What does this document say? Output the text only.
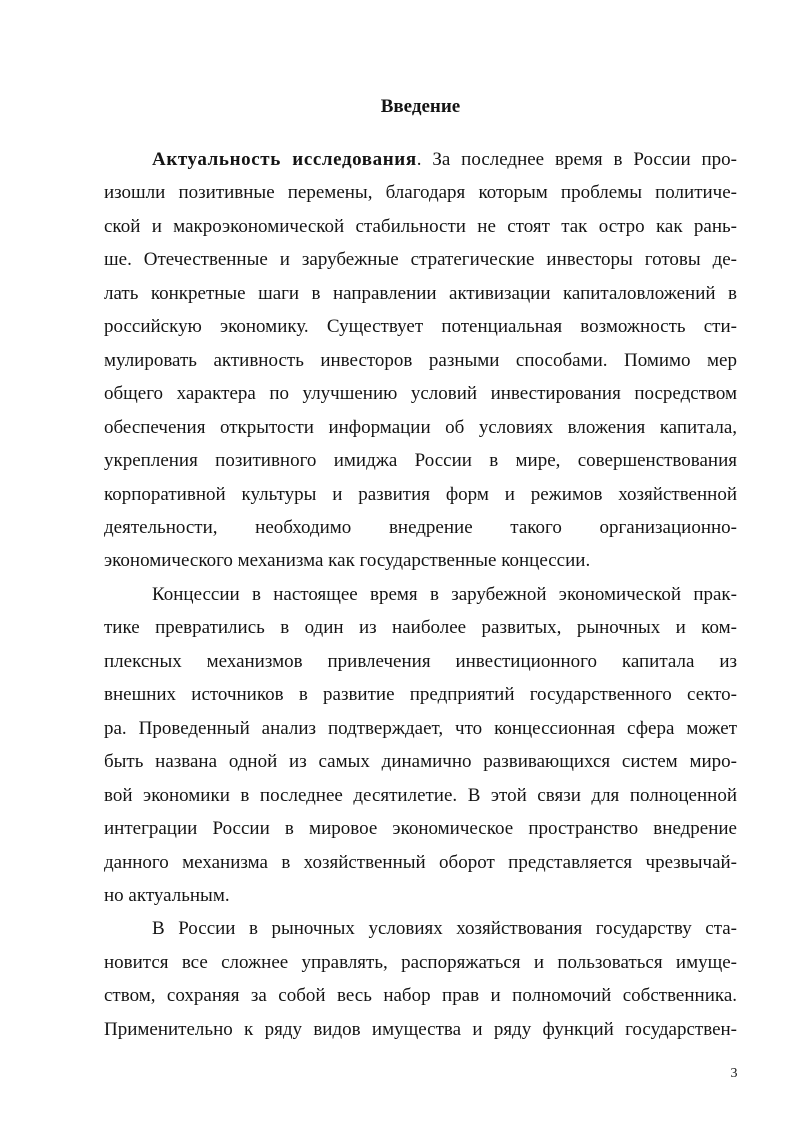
Введение
Актуальность исследования. За последнее время в России про-
изошли позитивные перемены, благодаря которым проблемы политиче-
ской и макроэкономической стабильности не стоят так остро как рань-
ше. Отечественные и зарубежные стратегические инвесторы готовы де-
лать конкретные шаги в направлении активизации капиталовложений в
российскую экономику. Существует потенциальная возможность сти-
мулировать активность инвесторов разными способами. Помимо мер
общего характера по улучшению условий инвестирования посредством
обеспечения открытости информации об условиях вложения капитала,
укрепления позитивного имиджа России в мире, совершенствования
корпоративной культуры и развития форм и режимов хозяйственной
деятельности, необходимо внедрение такого организационно-
экономического механизма как государственные концессии.
Концессии в настоящее время в зарубежной экономической прак-
тике превратились в один из наиболее развитых, рыночных и ком-
плексных механизмов привлечения инвестиционного капитала из
внешних источников в развитие предприятий государственного секто-
ра. Проведенный анализ подтверждает, что концессионная сфера может
быть названа одной из самых динамично развивающихся систем миро-
вой экономики в последнее десятилетие. В этой связи для полноценной
интеграции России в мировое экономическое пространство внедрение
данного механизма в хозяйственный оборот представляется чрезвычай-
но актуальным.
В России в рыночных условиях хозяйствования государству ста-
новится все сложнее управлять, распоряжаться и пользоваться имуще-
ством, сохраняя за собой весь набор прав и полномочий собственника.
Применительно к ряду видов имущества и ряду функций государствен-
3
